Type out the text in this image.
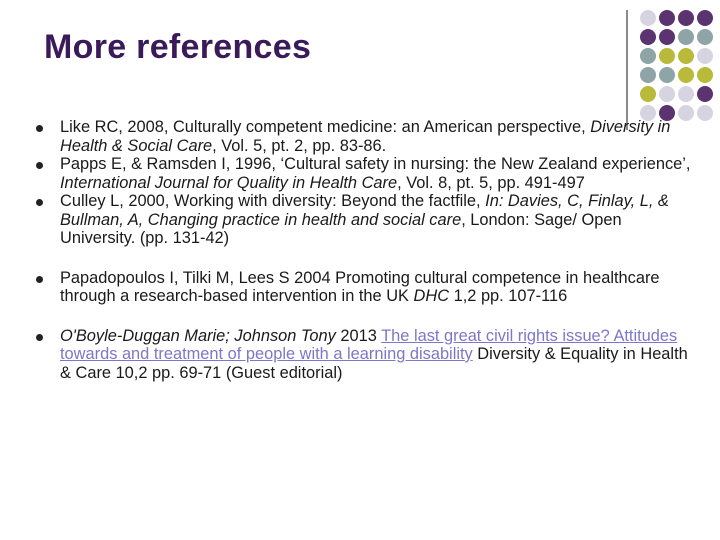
More references
Like RC, 2008, Culturally competent medicine: an American perspective, Diversity in Health & Social Care, Vol. 5, pt. 2, pp. 83-86.
Papps E, & Ramsden I, 1996, ‘Cultural safety in nursing: the New Zealand experience’, International Journal for Quality in Health Care, Vol. 8, pt. 5, pp. 491-497
Culley L, 2000, Working with diversity: Beyond the factfile, In: Davies, C, Finlay, L, & Bullman, A, Changing practice in health and social care, London: Sage/ Open University. (pp. 131-42)
Papadopoulos I, Tilki M, Lees S 2004 Promoting cultural competence in healthcare through a research-based intervention in the UK DHC 1,2 pp. 107-116
O'Boyle-Duggan Marie; Johnson Tony 2013 The last great civil rights issue? Attitudes towards and treatment of people with a learning disability Diversity & Equality in Health & Care 10,2 pp. 69-71 (Guest editorial)
